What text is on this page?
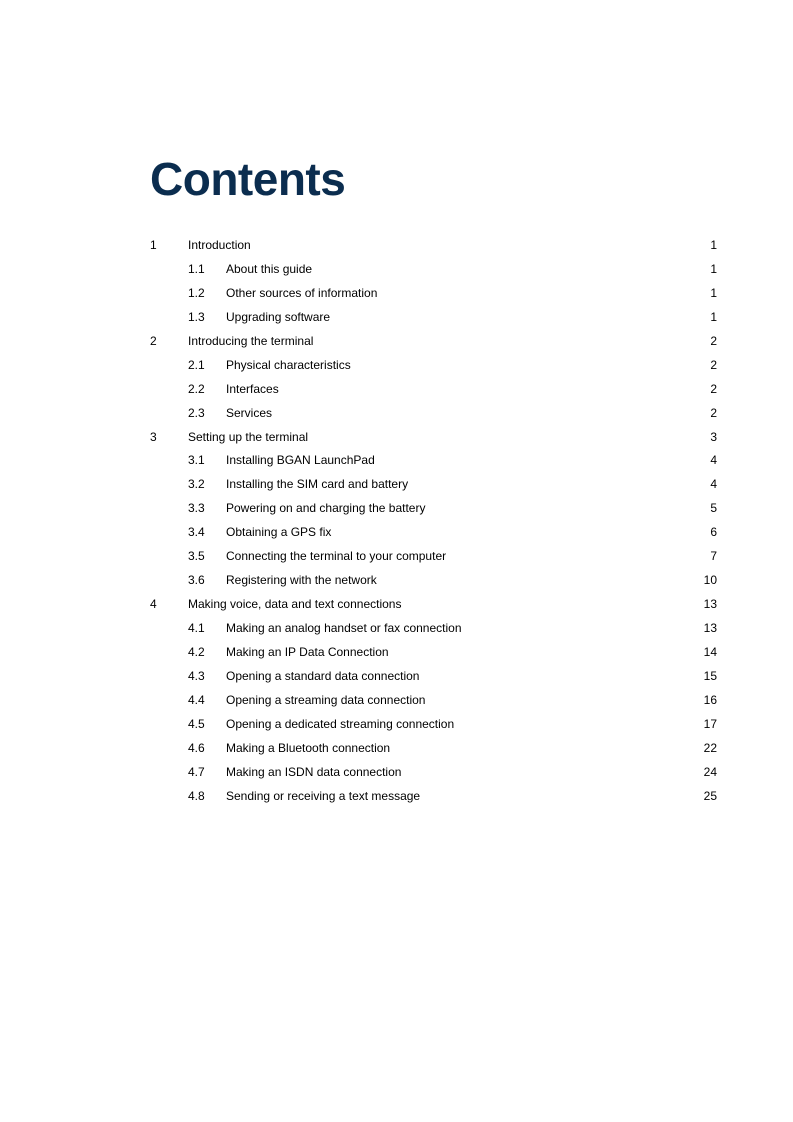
Contents
1	Introduction	1
1.1 About this guide	1
1.2 Other sources of information	1
1.3 Upgrading software	1
2	Introducing the terminal	2
2.1 Physical characteristics	2
2.2 Interfaces	2
2.3 Services	2
3	Setting up the terminal	3
3.1 Installing BGAN LaunchPad	4
3.2 Installing the SIM card and battery	4
3.3 Powering on and charging the battery	5
3.4 Obtaining a GPS fix	6
3.5 Connecting the terminal to your computer	7
3.6 Registering with the network	10
4	Making voice, data and text connections	13
4.1 Making an analog handset or fax connection	13
4.2 Making an IP Data Connection	14
4.3 Opening a standard data connection	15
4.4 Opening a streaming data connection	16
4.5 Opening a dedicated streaming connection	17
4.6 Making a Bluetooth connection	22
4.7 Making an ISDN data connection	24
4.8 Sending or receiving a text message	25
